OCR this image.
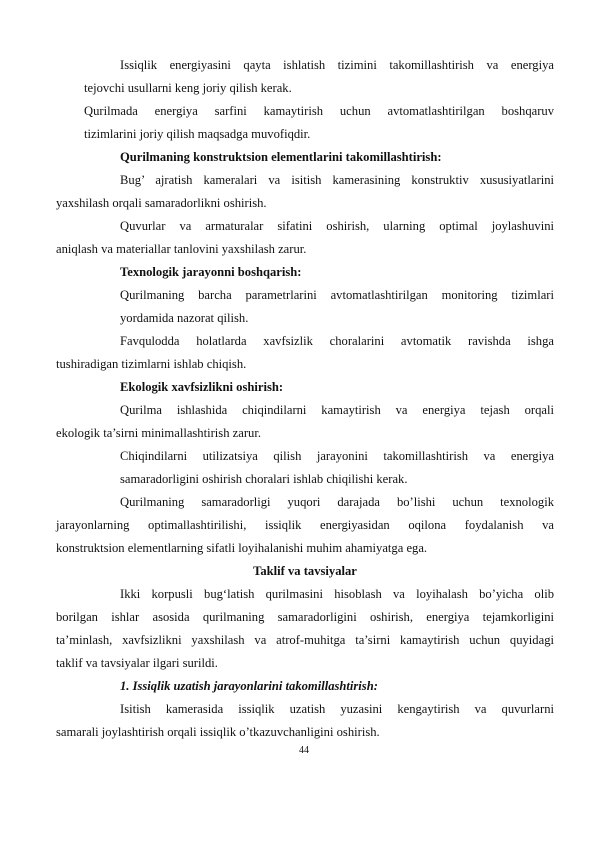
Issiqlik energiyasini qayta ishlatish tizimini takomillashtirish va energiya
tejovchi usullarni keng joriy qilish kerak.
Qurilmada energiya sarfini kamaytirish uchun avtomatlashtirilgan boshqaruv
tizimlarini joriy qilish maqsadga muvofiqdir.
Qurilmaning konstruktsion elementlarini takomillashtirish:
Bug’ ajratish kameralari va isitish kamerasining konstruktiv xususiyatlarini
yaxshilash orqali samaradorlikni oshirish.
Quvurlar va armaturalar sifatini oshirish, ularning optimal joylashuvini
aniqlash va materiallar tanlovini yaxshilash zarur.
Texnologik jarayonni boshqarish:
Qurilmaning barcha parametrlarini avtomatlashtirilgan monitoring tizimlari
yordamida nazorat qilish.
Favqulodda holatlarda xavfsizlik choralarini avtomatik ravishda ishga
tushiradigan tizimlarni ishlab chiqish.
Ekologik xavfsizlikni oshirish:
Qurilma ishlashida chiqindilarni kamaytirish va energiya tejash orqali
ekologik ta’sirni minimallashtirish zarur.
Chiqindilarni utilizatsiya qilish jarayonini takomillashtirish va energiya
samaradorligini oshirish choralari ishlab chiqilishi kerak.
Qurilmaning samaradorligi yuqori darajada bo’lishi uchun texnologik
jarayonlarning optimallashtirilishi, issiqlik energiyasidan oqilona foydalanish va
konstruktsion elementlarning sifatli loyihalanishi muhim ahamiyatga ega.
Taklif va tavsiyalar
Ikki korpusli bug‘latish qurilmasini hisoblash va loyihalash bo’yicha olib
borilgan ishlar asosida qurilmaning samaradorligini oshirish, energiya tejamkorligini
ta’minlash, xavfsizlikni yaxshilash va atrof-muhitga ta’sirni kamaytirish uchun quyidagi
taklif va tavsiyalar ilgari surildi.
1. Issiqlik uzatish jarayonlarini takomillashtirish:
Isitish kamerasida issiqlik uzatish yuzasini kengaytirish va quvurlarni
samarali joylashtirish orqali issiqlik o’tkazuvchanligini oshirish.
44
